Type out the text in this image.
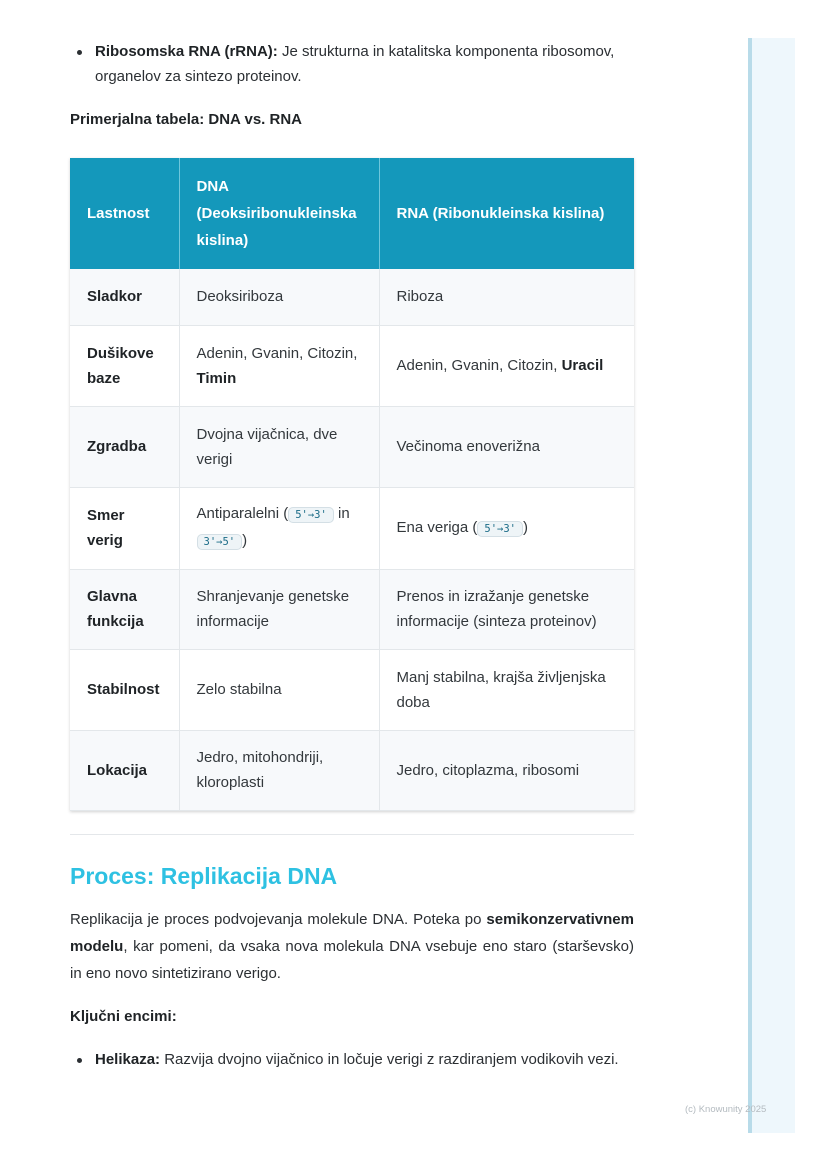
Ribosomska RNA (rRNA): Je strukturna in katalitska komponenta ribosomov, organelov za sintezo proteinov.
Primerjalna tabela: DNA vs. RNA
Lastnost	DNA (Deoksiribonukleinska kislina)	RNA (Ribonukleinska kislina)
Sladkor	Deoksiriboza	Riboza
Dušikove baze	Adenin, Gvanin, Citozin, Timin	Adenin, Gvanin, Citozin, Uracil
Zgradba	Dvojna vijačnica, dve verigi	Večinoma enoverižna
Smer verig	Antiparalelni ( 5'→3' in 3'→5' )	Ena veriga ( 5'→3' )
Glavna funkcija	Shranjevanje genetske informacije	Prenos in izražanje genetske informacije (sinteza proteinov)
Stabilnost	Zelo stabilna	Manj stabilna, krajša življenjska doba
Lokacija	Jedro, mitohondriji, kloroplasti	Jedro, citoplazma, ribosomi
Proces: Replikacija DNA

Replikacija je proces podvojevanja molekule DNA. Poteka po semikonzervativnem modelu, kar pomeni, da vsaka nova molekula DNA vsebuje eno staro (starševsko) in eno novo sintetizirano verigo.

Ključni encimi:
Helikaza: Razvija dvojno vijačnico in ločuje verigi z razdiranjem vodikovih vezi.
(c) Knowunity 2025
